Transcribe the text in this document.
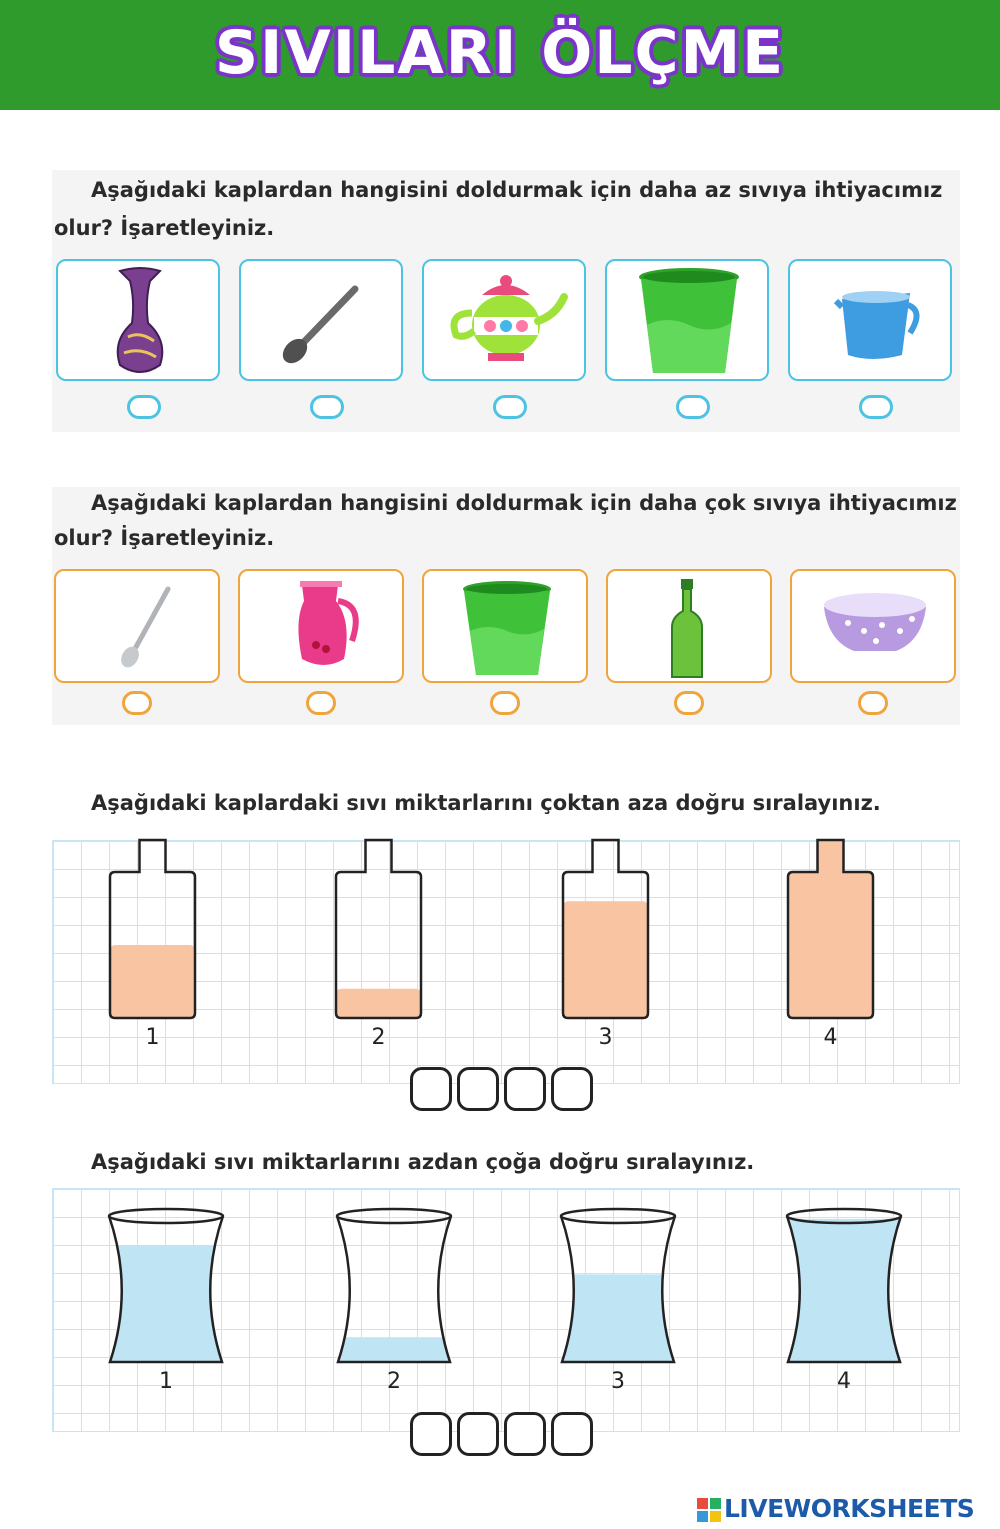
SIVILARI ÖLÇME
Aşağıdaki kaplardan hangisini doldurmak için daha az sıvıya ihtiyacımız
olur? İşaretleyiniz.
Aşağıdaki kaplardan hangisini doldurmak için daha çok sıvıya ihtiyacımız
olur? İşaretleyiniz.
Aşağıdaki kaplardaki sıvı miktarlarını çoktan aza doğru sıralayınız.
1	2	3	4
Aşağıdaki sıvı miktarlarını azdan çoğa doğru sıralayınız.
1	2	3	4
LIVEWORKSHEETS
